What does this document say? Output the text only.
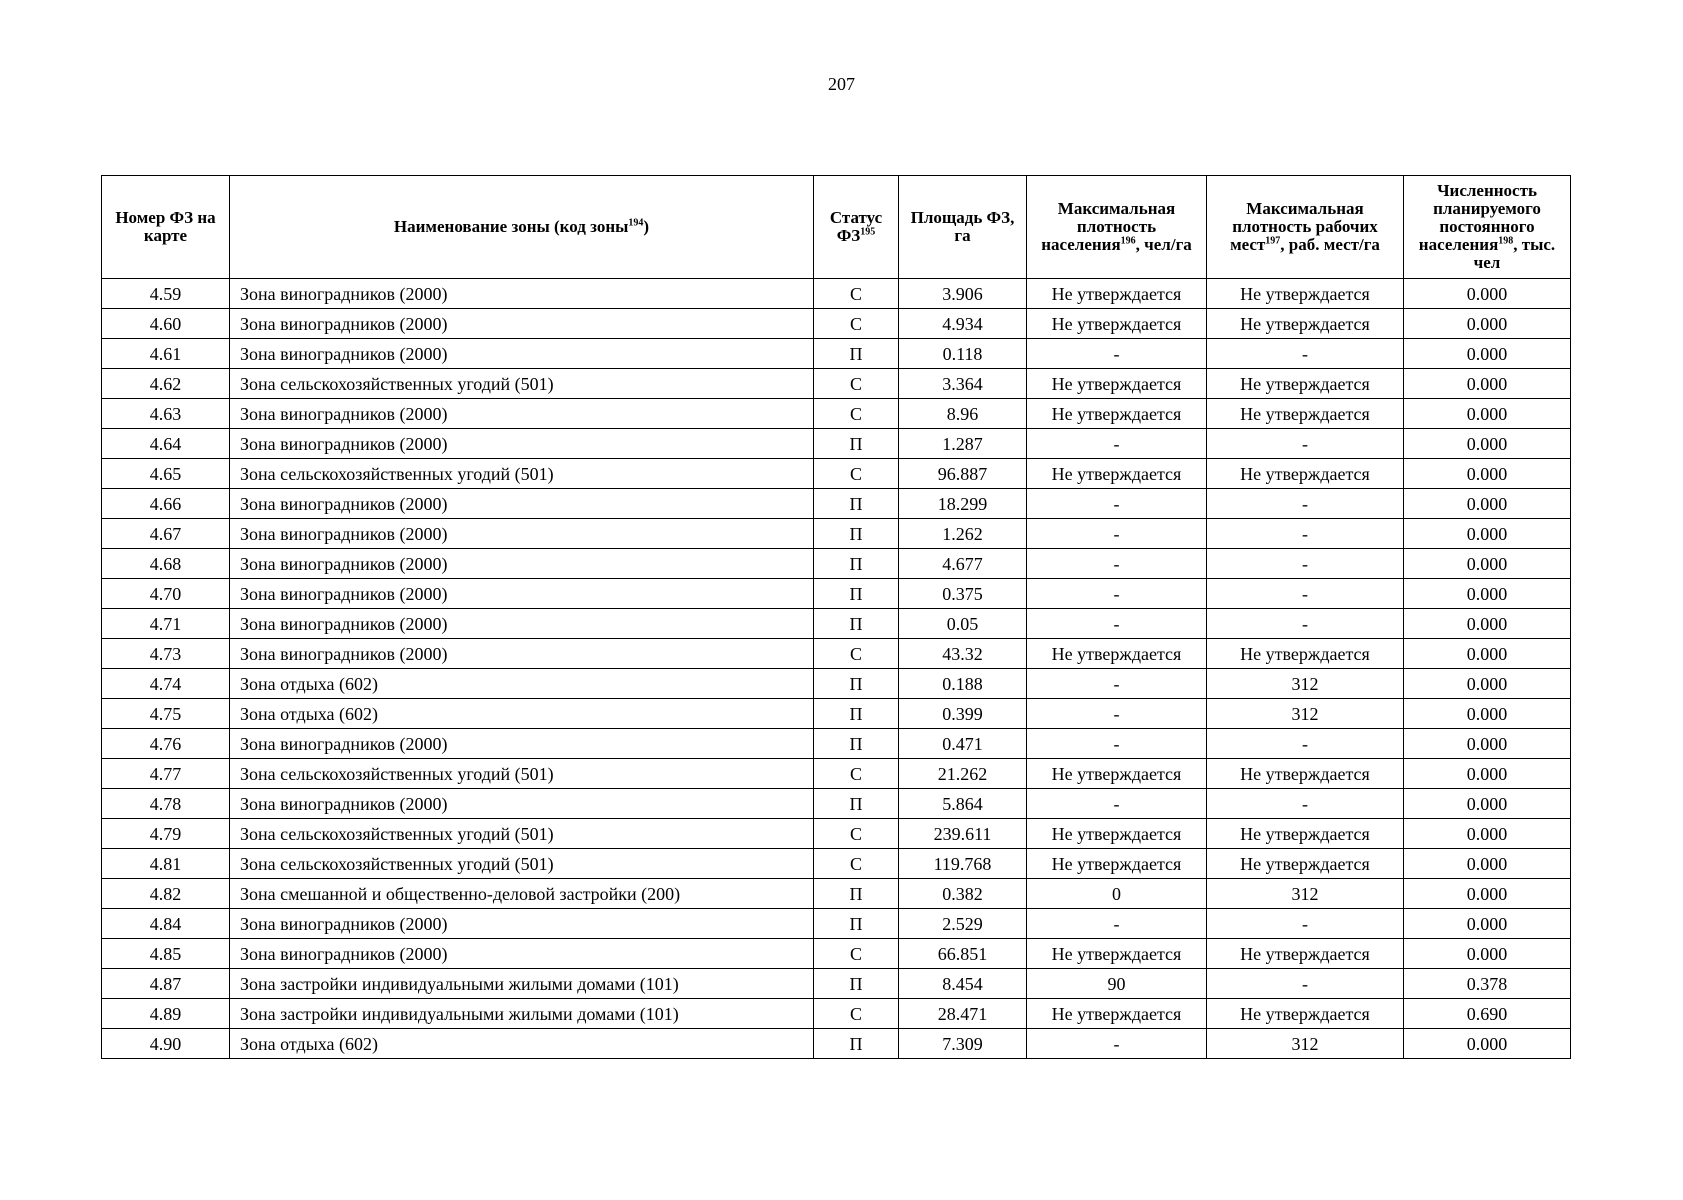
207
Номер ФЗ на карте	Наименование зоны (код зоны$^{194}$)	Статус ФЗ$^{195}$	Площадь ФЗ, га	Максимальная плотность населения$^{196}$, чел/га	Максимальная плотность рабочих мест$^{197}$, раб. мест/га	Численность планируемого постоянного населения$^{198}$, тыс. чел
4.59	Зона виноградников (2000)	С	3.906	Не утверждается	Не утверждается	0.000
4.60	Зона виноградников (2000)	С	4.934	Не утверждается	Не утверждается	0.000
4.61	Зона виноградников (2000)	П	0.118	-	-	0.000
4.62	Зона сельскохозяйственных угодий (501)	С	3.364	Не утверждается	Не утверждается	0.000
4.63	Зона виноградников (2000)	С	8.96	Не утверждается	Не утверждается	0.000
4.64	Зона виноградников (2000)	П	1.287	-	-	0.000
4.65	Зона сельскохозяйственных угодий (501)	С	96.887	Не утверждается	Не утверждается	0.000
4.66	Зона виноградников (2000)	П	18.299	-	-	0.000
4.67	Зона виноградников (2000)	П	1.262	-	-	0.000
4.68	Зона виноградников (2000)	П	4.677	-	-	0.000
4.70	Зона виноградников (2000)	П	0.375	-	-	0.000
4.71	Зона виноградников (2000)	П	0.05	-	-	0.000
4.73	Зона виноградников (2000)	С	43.32	Не утверждается	Не утверждается	0.000
4.74	Зона отдыха (602)	П	0.188	-	312	0.000
4.75	Зона отдыха (602)	П	0.399	-	312	0.000
4.76	Зона виноградников (2000)	П	0.471	-	-	0.000
4.77	Зона сельскохозяйственных угодий (501)	С	21.262	Не утверждается	Не утверждается	0.000
4.78	Зона виноградников (2000)	П	5.864	-	-	0.000
4.79	Зона сельскохозяйственных угодий (501)	С	239.611	Не утверждается	Не утверждается	0.000
4.81	Зона сельскохозяйственных угодий (501)	С	119.768	Не утверждается	Не утверждается	0.000
4.82	Зона смешанной и общественно-деловой застройки (200)	П	0.382	0	312	0.000
4.84	Зона виноградников (2000)	П	2.529	-	-	0.000
4.85	Зона виноградников (2000)	С	66.851	Не утверждается	Не утверждается	0.000
4.87	Зона застройки индивидуальными жилыми домами (101)	П	8.454	90	-	0.378
4.89	Зона застройки индивидуальными жилыми домами (101)	С	28.471	Не утверждается	Не утверждается	0.690
4.90	Зона отдыха (602)	П	7.309	-	312	0.000
